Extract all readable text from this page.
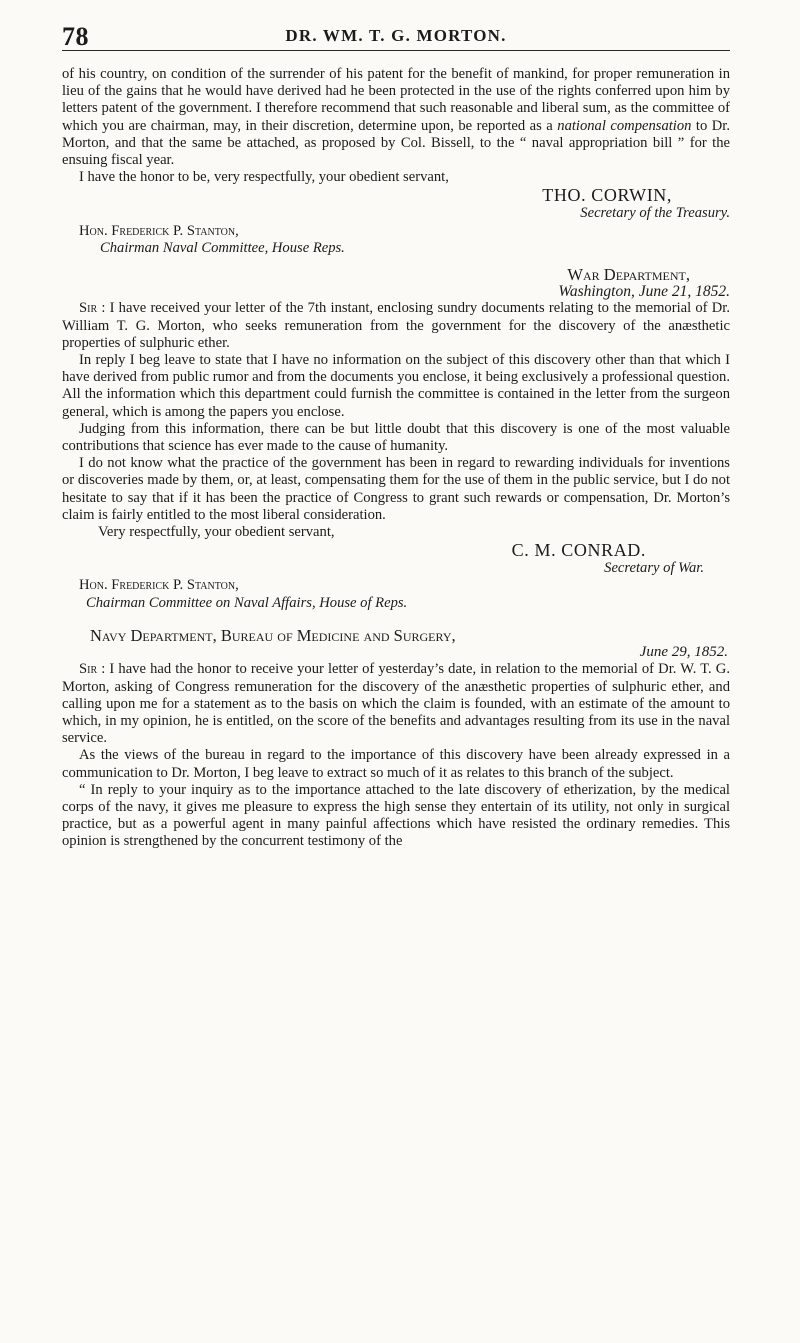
78	DR. WM. T. G. MORTON.

of his country, on condition of the surrender of his patent for the benefit of mankind, for proper remuneration in lieu of the gains that he would have derived had he been protected in the use of the rights conferred upon him by letters patent of the government. I therefore recommend that such reasonable and liberal sum, as the committee of which you are chairman, may, in their discretion, determine upon, be reported as a national compensation to Dr. Morton, and that the same be attached, as proposed by Col. Bissell, to the “ naval appropriation bill ” for the ensuing fiscal year.

I have the honor to be, very respectfully, your obedient servant,

THO. CORWIN,
Secretary of the Treasury.
Hon. Frederick P. Stanton,
Chairman Naval Committee, House Reps.
War Department,
Washington, June 21, 1852.

Sir : I have received your letter of the 7th instant, enclosing sundry documents relating to the memorial of Dr. William T. G. Morton, who seeks remuneration from the government for the discovery of the anæsthetic properties of sulphuric ether.

In reply I beg leave to state that I have no information on the subject of this discovery other than that which I have derived from public rumor and from the documents you enclose, it being exclusively a professional question. All the information which this department could furnish the committee is contained in the letter from the surgeon general, which is among the papers you enclose.

Judging from this information, there can be but little doubt that this discovery is one of the most valuable contributions that science has ever made to the cause of humanity.

I do not know what the practice of the government has been in regard to rewarding individuals for inventions or discoveries made by them, or, at least, compensating them for the use of them in the public service, but I do not hesitate to say that if it has been the practice of Congress to grant such rewards or compensation, Dr. Morton’s claim is fairly entitled to the most liberal consideration.

Very respectfully, your obedient servant,

C. M. CONRAD.
Secretary of War.
Hon. Frederick P. Stanton,
Chairman Committee on Naval Affairs, House of Reps.

Navy Department, Bureau of Medicine and Surgery,

June 29, 1852.

Sir : I have had the honor to receive your letter of yesterday’s date, in relation to the memorial of Dr. W. T. G. Morton, asking of Congress remuneration for the discovery of the anæsthetic properties of sulphuric ether, and calling upon me for a statement as to the basis on which the claim is founded, with an estimate of the amount to which, in my opinion, he is entitled, on the score of the benefits and advantages resulting from its use in the naval service.

As the views of the bureau in regard to the importance of this discovery have been already expressed in a communication to Dr. Morton, I beg leave to extract so much of it as relates to this branch of the subject.

“ In reply to your inquiry as to the importance attached to the late discovery of etherization, by the medical corps of the navy, it gives me pleasure to express the high sense they entertain of its utility, not only in surgical practice, but as a powerful agent in many painful affections which have resisted the ordinary remedies. This opinion is strengthened by the concurrent testimony of the
